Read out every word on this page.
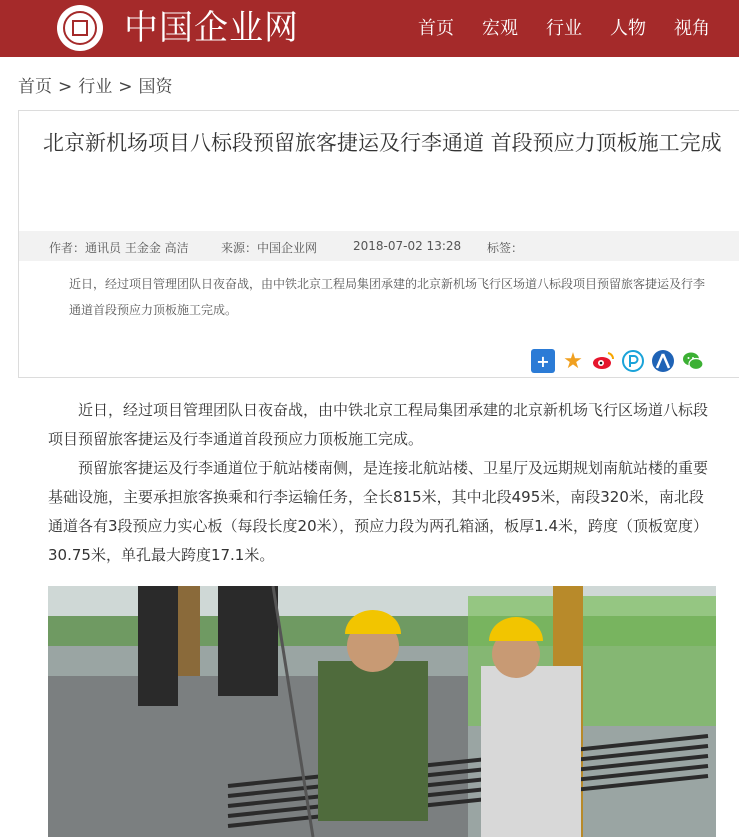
中国企业网	首页	宏观	行业	人物	视角
首页 > 行业 > 国资
北京新机场项目八标段预留旅客捷运及行李通道 首段预应力顶板施工完成
作者：通讯员 王金金 高洁	来源：中国企业网	2018-07-02 13:28 标签：
近日，经过项目管理团队日夜奋战，由中铁北京工程局集团承建的北京新机场飞行区场道八标段项目预留旅客捷运及行李通道首段预应力顶板施工完成。
+ ★

近日，经过项目管理团队日夜奋战，由中铁北京工程局集团承建的北京新机场飞行区场道八标段项目预留旅客捷运及行李通道首段预应力顶板施工完成。

预留旅客捷运及行李通道位于航站楼南侧，是连接北航站楼、卫星厅及远期规划南航站楼的重要基础设施，主要承担旅客换乘和行李运输任务，全长815米，其中北段495米，南段320米，南北段通道各有3段预应力实心板（每段长度20米），预应力段为两孔箱涵，板厚1.4米，跨度（顶板宽度）30.75米，单孔最大跨度17.1米。
